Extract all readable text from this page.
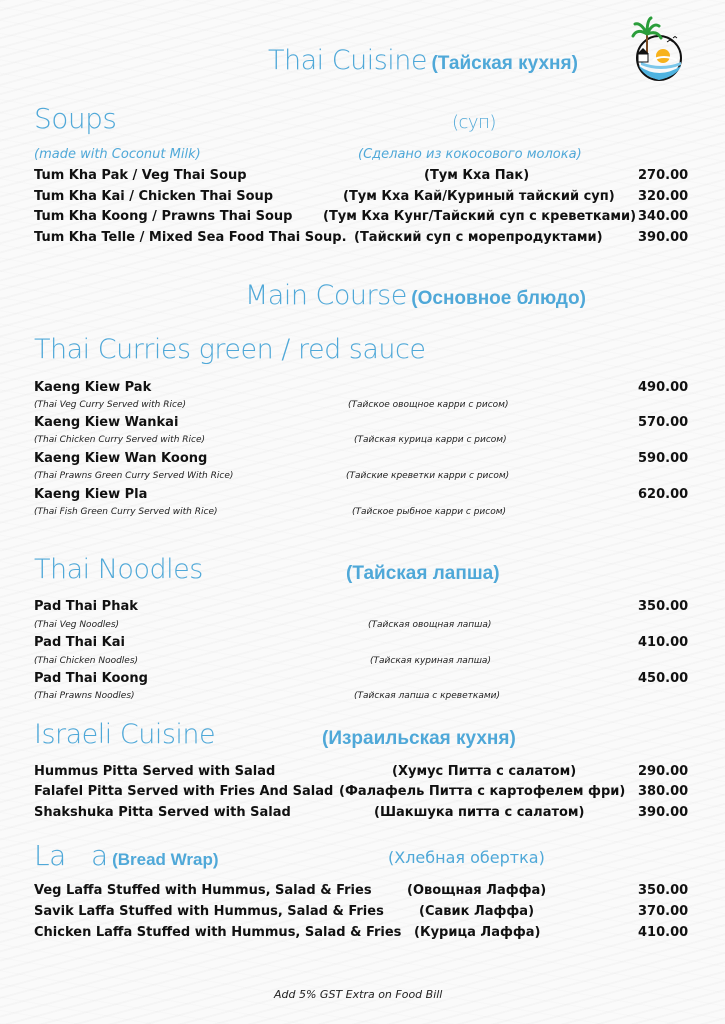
Thai Cuisine (Тайская кухня)
Soups	(суп)
(made with Coconut Milk)	(Сделано из кокосового молока)
Tum Kha Pak / Veg Thai Soup	(Тум Кха Пак)	270.00
Tum Kha Kai / Chicken Thai Soup	(Тум Кха Кай/Куриный тайский суп) 320.00
Tum Kha Koong / Prawns Thai Soup (Тум Кха Кунг/Тайский суп с креветками) 340.00
Tum Kha Telle / Mixed Sea Food Thai Soup. (Тайский суп с морепродуктами)	390.00
Main Course (Основное блюдо)
Thai Curries green / red sauce
Kaeng Kiew Pak	490.00
(Thai Veg Curry Served with Rice)	(Тайское овощное карри с рисом)
Kaeng Kiew Wankai	570.00
(Thai Chicken Curry Served with Rice)	(Тайская курица карри с рисом)
Kaeng Kiew Wan Koong	590.00
(Thai Prawns Green Curry Served With Rice)	(Тайские креветки карри с рисом)
Kaeng Kiew Pla	620.00
(Thai Fish Green Curry Served with Rice)	(Тайское рыбное карри с рисом)
Thai Noodles	(Тайская лапша)
Pad Thai Phak	350.00
(Thai Veg Noodles)	(Тайская овощная лапша)
Pad Thai Kai	410.00
(Thai Chicken Noodles)	(Тайская куриная лапша)
Pad Thai Koong	450.00
(Thai Prawns Noodles)	(Тайская лапша с креветками)
Israeli Cuisine	(Израильская кухня)
Hummus Pitta Served with Salad	(Хумус Питта с салатом)	290.00
Falafel Pitta Served with Fries And Salad (Фалафель Питта с картофелем фри) 380.00
Shakshuka Pitta Served with Salad	(Шакшука питта с салатом)	390.00
La   a (Bread Wrap)	(Хлебная обертка)
Veg Laffa Stuffed with Hummus, Salad & Fries	(Овощная Лаффа)	350.00
Savik Laffa Stuffed with Hummus, Salad & Fries	(Савик Лаффа)	370.00
Chicken Laffa Stuffed with Hummus, Salad & Fries (Курица Лаффа)	410.00
Add 5% GST Extra on Food Bill
